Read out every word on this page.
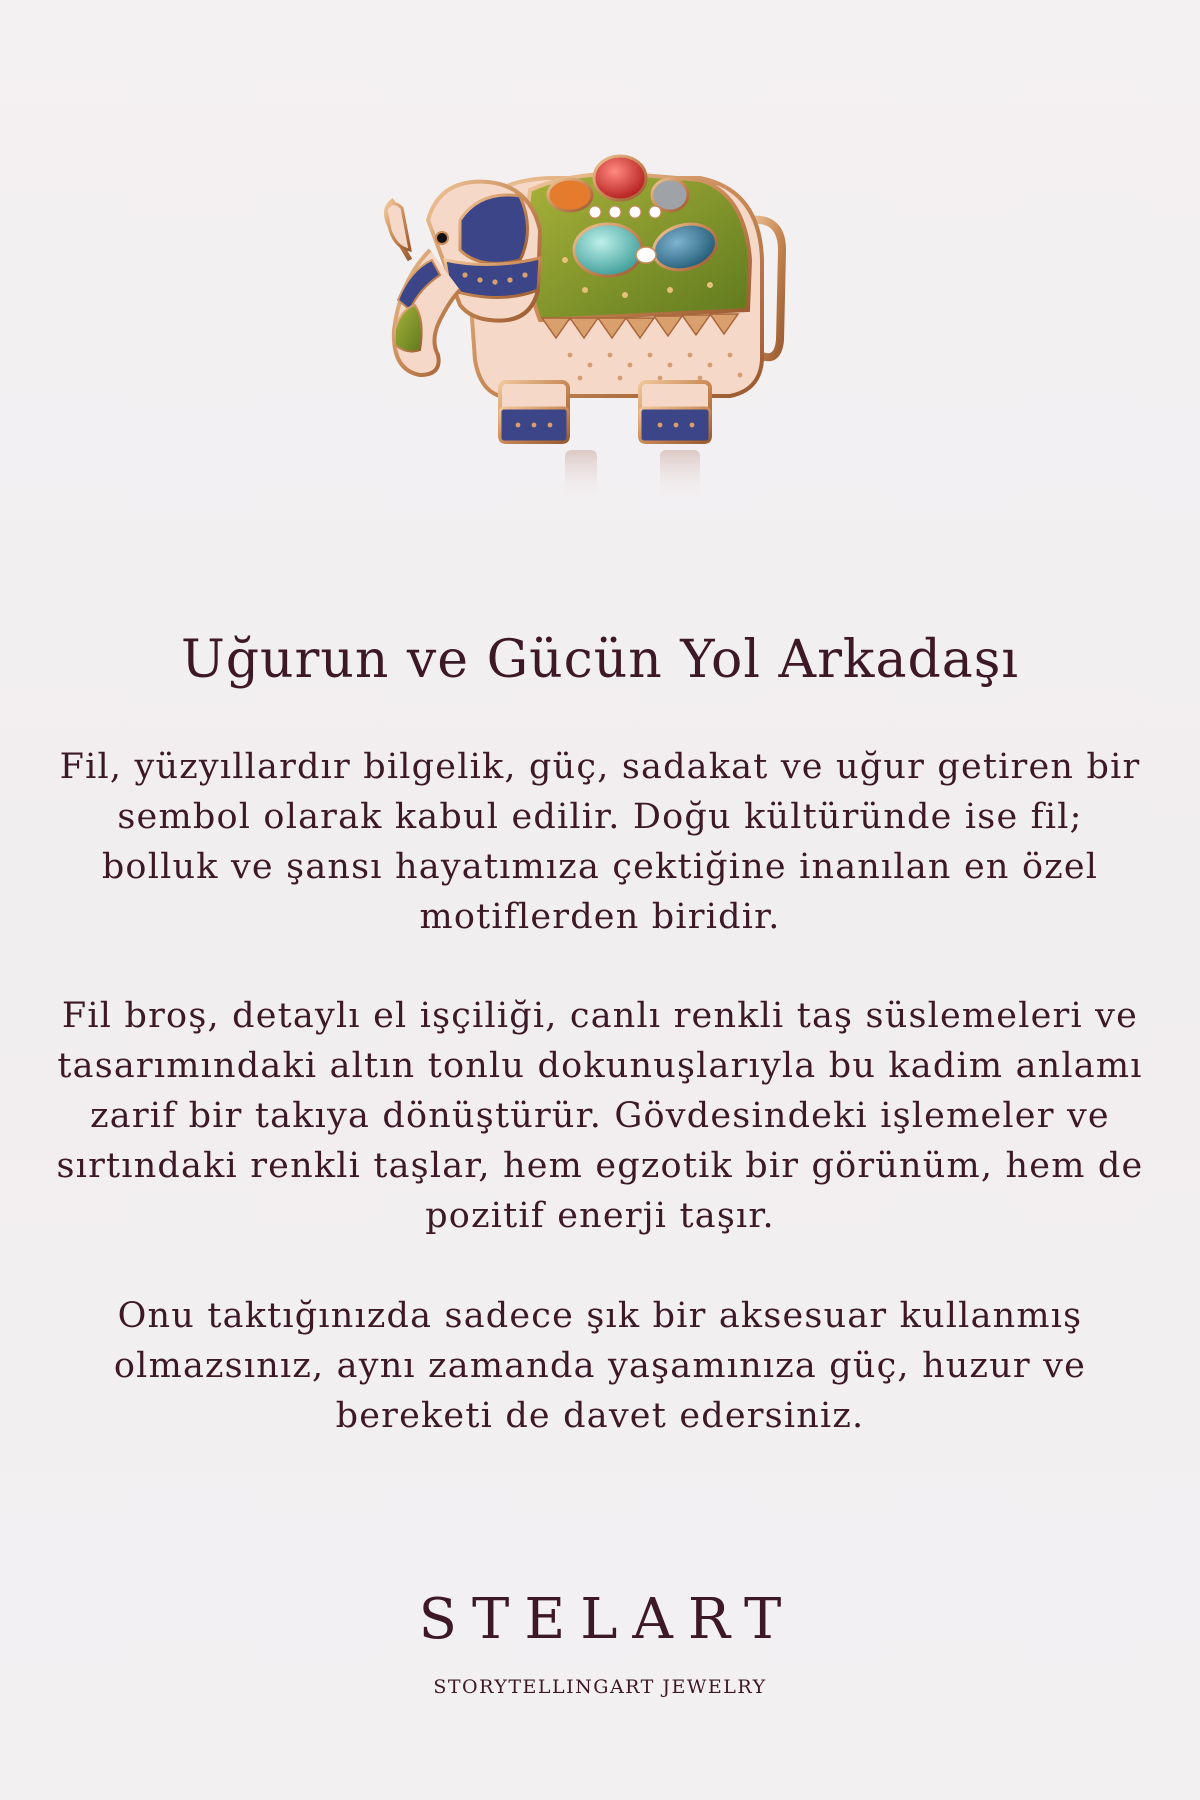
Uğurun ve Gücün Yol Arkadaşı

Fil, yüzyıllardır bilgelik, güç, sadakat ve uğur getiren bir sembol olarak kabul edilir. Doğu kültüründe ise fil; bolluk ve şansı hayatımıza çektiğine inanılan en özel motiflerden biridir.

Fil broş, detaylı el işçiliği, canlı renkli taş süslemeleri ve tasarımındaki altın tonlu dokunuşlarıyla bu kadim anlamı zarif bir takıya dönüştürür. Gövdesindeki işlemeler ve sırtındaki renkli taşlar, hem egzotik bir görünüm, hem de pozitif enerji taşır.

Onu taktığınızda sadece şık bir aksesuar kullanmış olmazsınız, aynı zamanda yaşamınıza güç, huzur ve bereketi de davet edersiniz.

STELART
STORYTELLINGART JEWELRY
